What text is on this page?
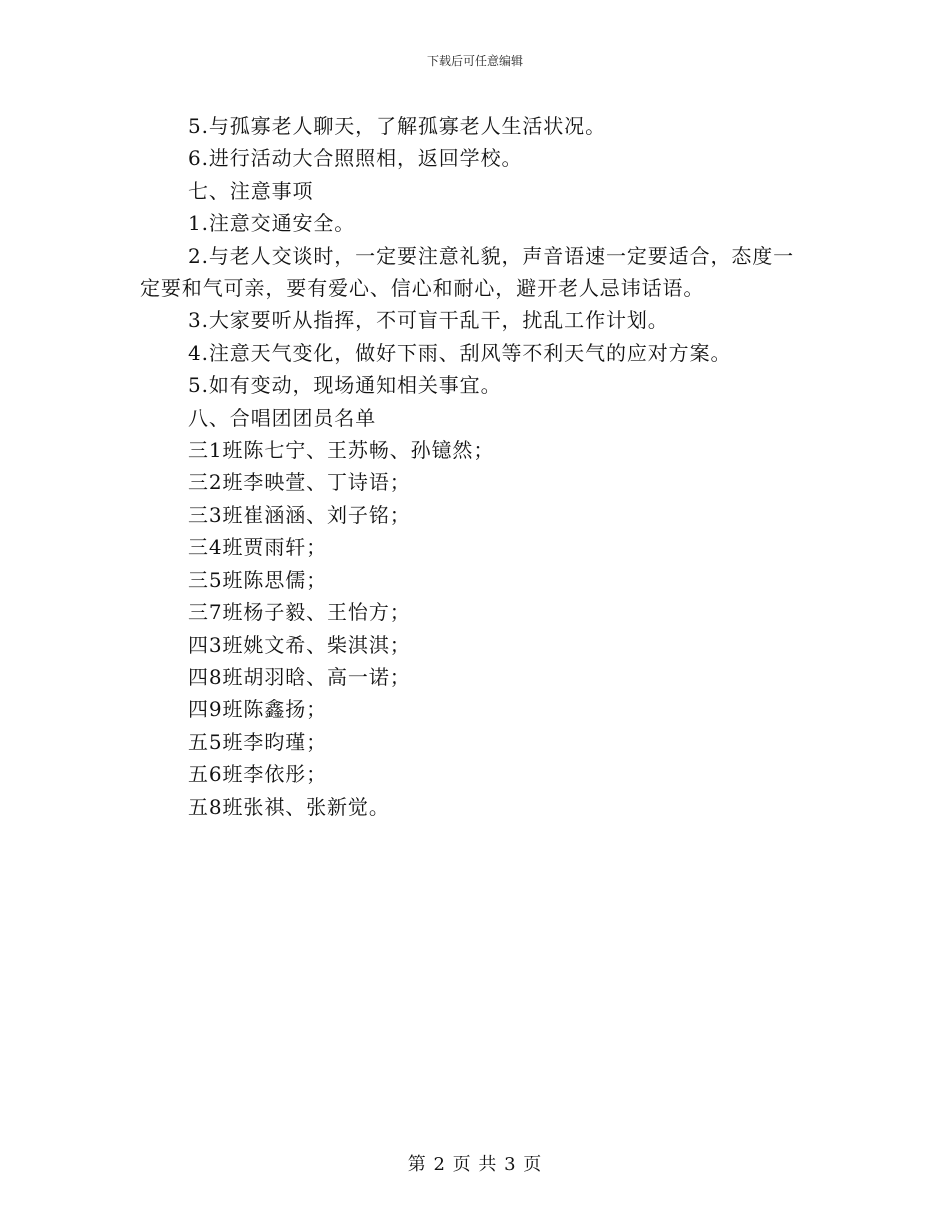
下载后可任意编辑

5.与孤寡老人聊天，了解孤寡老人生活状况。

6.进行活动大合照照相，返回学校。

七、注意事项

1.注意交通安全。

2.与老人交谈时，一定要注意礼貌，声音语速一定要适合，态度一定要和气可亲，要有爱心、信心和耐心，避开老人忌讳话语。

3.大家要听从指挥，不可盲干乱干，扰乱工作计划。

4.注意天气变化，做好下雨、刮风等不利天气的应对方案。

5.如有变动，现场通知相关事宜。

八、合唱团团员名单

三1班陈七宁、王苏畅、孙镱然；

三2班李映萱、丁诗语；

三3班崔涵涵、刘子铭；

三4班贾雨轩；

三5班陈思儒；

三7班杨子毅、王怡方；

四3班姚文希、柴淇淇；

四8班胡羽晗、高一诺；

四9班陈鑫扬；

五5班李昀瑾；

五6班李依彤；

五8班张祺、张新觉。

第 2 页 共 3 页
